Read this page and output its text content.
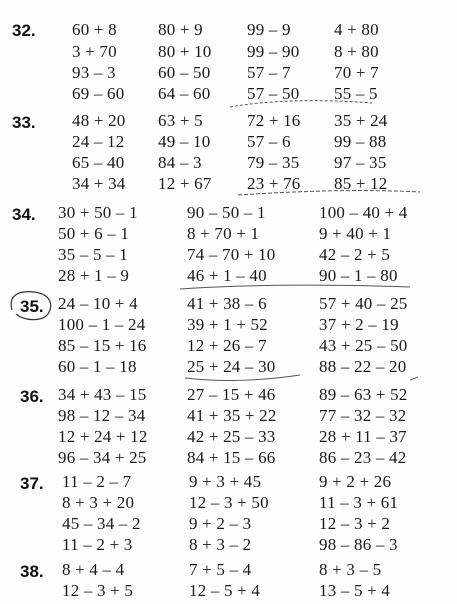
32. 60 + 8
3 + 70
93 – 3
69 – 60
80 + 9
80 + 10
60 – 50
64 – 60
99 – 9
99 – 90
57 – 7
57 – 50
4 + 80
8 + 80
70 + 7
55 – 5
33. 48 + 20
24 – 12
65 – 40
34 + 34
63 + 5
49 – 10
84 – 3
12 + 67
72 + 16
57 – 6
79 – 35
23 + 76
35 + 24
99 – 88
97 – 35
85 + 12
34. 30 + 50 – 1
50 + 6 – 1
35 – 5 – 1
28 + 1 – 9
90 – 50 – 1
8 + 70 + 1
74 – 70 + 10
46 + 1 – 40
100 – 40 + 4
9 + 40 + 1
42 – 2 + 5
90 – 1 – 80
35. 24 – 10 + 4
100 – 1 – 24
85 – 15 + 16
60 – 1 – 18
41 + 38 – 6
39 + 1 + 52
12 + 26 – 7
25 + 24 – 30
57 + 40 – 25
37 + 2 – 19
43 + 25 – 50
88 – 22 – 20
36. 34 + 43 – 15
98 – 12 – 34
12 + 24 + 12
96 – 34 + 25
27 – 15 + 46
41 + 35 + 22
42 + 25 – 33
84 + 15 – 66
89 – 63 + 52
77 – 32 – 32
28 + 11 – 37
86 – 23 – 42
37. 11 – 2 – 7
8 + 3 + 20
45 – 34 – 2
11 – 2 + 3
9 + 3 + 45
12 – 3 + 50
9 + 2 – 3
8 + 3 – 2
9 + 2 + 26
11 – 3 + 61
12 – 3 + 2
98 – 86 – 3
38. 8 + 4 – 4
12 – 3 + 5
7 + 5 – 4
12 – 5 + 4
8 + 3 – 5
13 – 5 + 4
